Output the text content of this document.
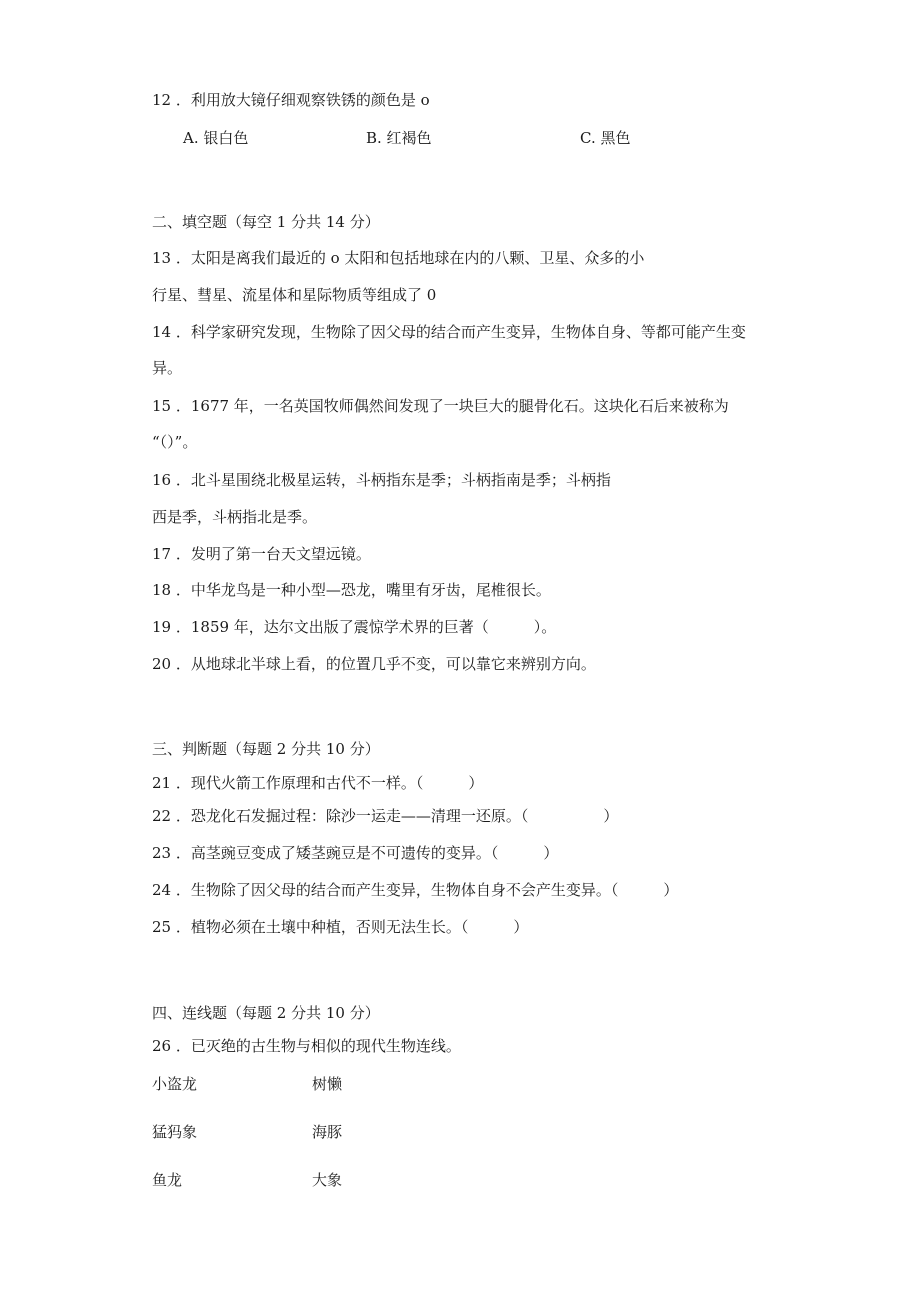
12 ．利用放大镜仔细观察铁锈的颜色是 o
A. 银白色	B. 红褐色	C. 黑色
二、填空题（每空 1 分共 14 分）
13 ．太阳是离我们最近的 o 太阳和包括地球在内的八颗、卫星、众多的小
行星、彗星、流星体和星际物质等组成了 0
14 ．科学家研究发现，生物除了因父母的结合而产生变异，生物体自身、等都可能产生变
异。
15 ．1677 年，一名英国牧师偶然间发现了一块巨大的腿骨化石。这块化石后来被称为
“（）”。
16 ．北斗星围绕北极星运转，斗柄指东是季；斗柄指南是季；斗柄指
西是季，斗柄指北是季。
17 ．发明了第一台天文望远镜。
18 ．中华龙鸟是一种小型—恐龙，嘴里有牙齿，尾椎很长。
19 ．1859 年，达尔文出版了震惊学术界的巨著（　　　）。
20 ．从地球北半球上看，的位置几乎不变，可以靠它来辨别方向。
三、判断题（每题 2 分共 10 分）
21 ．现代火箭工作原理和古代不一样。（　　　）
22 ．恐龙化石发掘过程：除沙一运走——清理一还原。（　　　　　）
23 ．高茎豌豆变成了矮茎豌豆是不可遗传的变异。（　　　）
24 ．生物除了因父母的结合而产生变异，生物体自身不会产生变异。（　　　）
25 ．植物必须在土壤中种植，否则无法生长。（　　　）
四、连线题（每题 2 分共 10 分）
26 ．已灭绝的古生物与相似的现代生物连线。
小盗龙	树懒
猛犸象	海豚
鱼龙	大象
